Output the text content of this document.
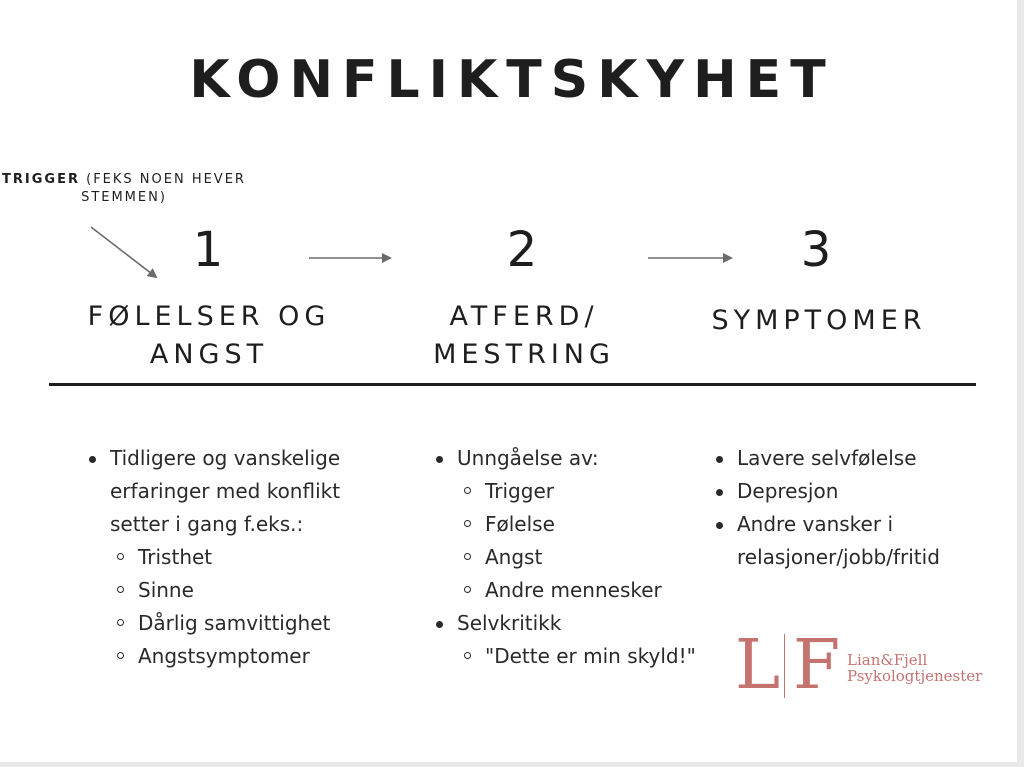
KONFLIKTSKYHET
TRIGGER (FEKS NOEN HEVER STEMMEN)
1	2	3
FØLELSER OG ANGST
ATFERD/ MESTRING
SYMPTOMER
Tidligere og vanskelige erfaringer med konflikt setter i gang f.eks.:
Tristhet
Sinne
Dårlig samvittighet
Angstsymptomer
Unngåelse av:
Trigger
Følelse
Angst
Andre mennesker
Selvkritikk
"Dette er min skyld!"
Lavere selvfølelse
Depresjon
Andre vansker i relasjoner/jobb/fritid
L F Lian&Fjell
Psykologtjenester
